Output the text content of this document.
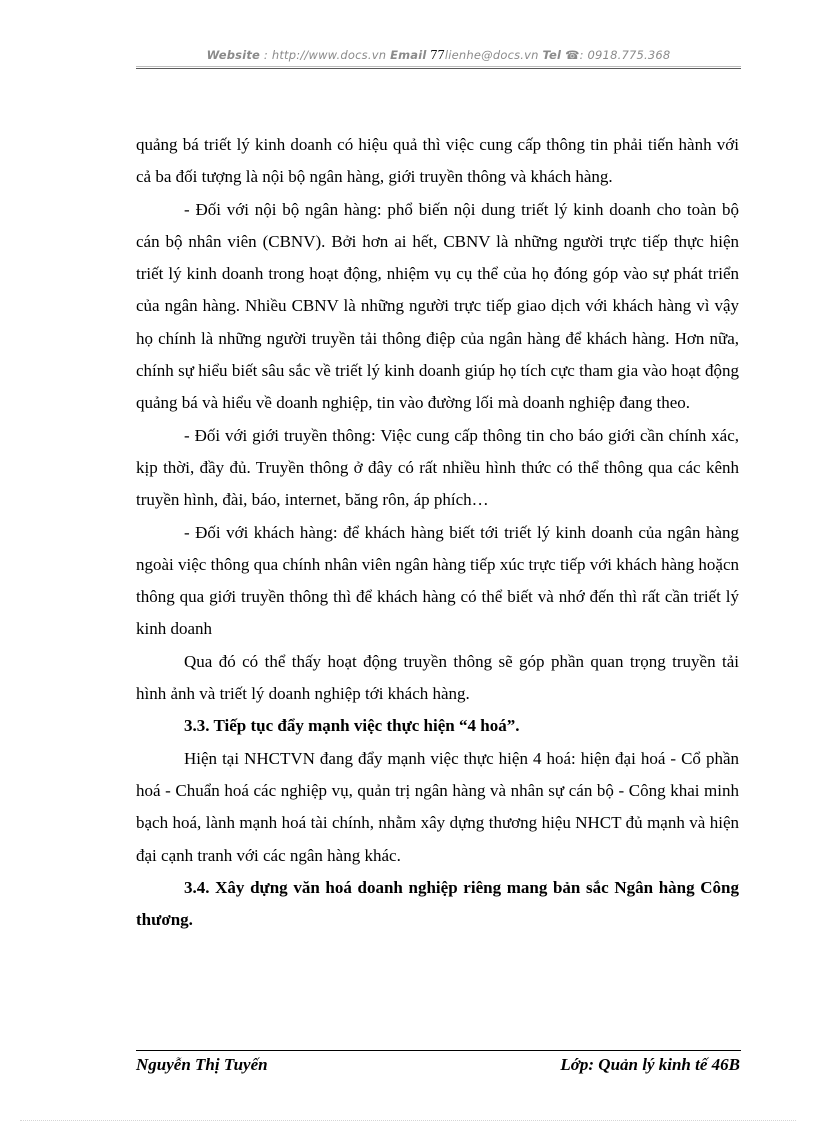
Website : http://www.docs.vn Email 77lienhe@docs.vn Tel ☎: 0918.775.368

quảng bá triết lý kinh doanh có hiệu quả thì việc cung cấp thông tin phải tiến hành với cả ba đối tượng là nội bộ ngân hàng, giới truyền thông và khách hàng.

- Đối với nội bộ ngân hàng: phổ biến nội dung triết lý kinh doanh cho toàn bộ cán bộ nhân viên (CBNV). Bởi hơn ai hết, CBNV là những người trực tiếp thực hiện triết lý kinh doanh trong hoạt động, nhiệm vụ cụ thể của họ đóng góp vào sự phát triển của ngân hàng. Nhiều CBNV là những người trực tiếp giao dịch với khách hàng vì vậy họ chính là những người truyền tải thông điệp của ngân hàng để khách hàng. Hơn nữa, chính sự hiểu biết sâu sắc về triết lý kinh doanh giúp họ tích cực tham gia vào hoạt động quảng bá và hiểu về doanh nghiệp, tin vào đường lối mà doanh nghiệp đang theo.

- Đối với giới truyền thông: Việc cung cấp thông tin cho báo giới cần chính xác, kịp thời, đầy đủ. Truyền thông ở đây có rất nhiều hình thức có thể thông qua các kênh truyền hình, đài, báo, internet, băng rôn, áp phích…

- Đối với khách hàng: để khách hàng biết tới triết lý kinh doanh của ngân hàng ngoài việc thông qua chính nhân viên ngân hàng tiếp xúc trực tiếp với khách hàng hoặcn thông qua giới truyền thông thì để khách hàng có thể biết và nhớ đến thì rất cần triết lý kinh doanh

Qua đó có thể thấy hoạt động truyền thông sẽ góp phần quan trọng truyền tải hình ảnh và triết lý doanh nghiệp tới khách hàng.

3.3. Tiếp tục đẩy mạnh việc thực hiện “4 hoá”.

Hiện tại NHCTVN đang đẩy mạnh việc thực hiện 4 hoá: hiện đại hoá - Cổ phần hoá - Chuẩn hoá các nghiệp vụ, quản trị ngân hàng và nhân sự cán bộ - Công khai minh bạch hoá, lành mạnh hoá tài chính, nhằm xây dựng thương hiệu NHCT đủ mạnh và hiện đại cạnh tranh với các ngân hàng khác.

3.4. Xây dựng văn hoá doanh nghiệp riêng mang bản sắc Ngân hàng Công thương.

Nguyễn Thị Tuyến	Lớp: Quản lý kinh tế 46B
